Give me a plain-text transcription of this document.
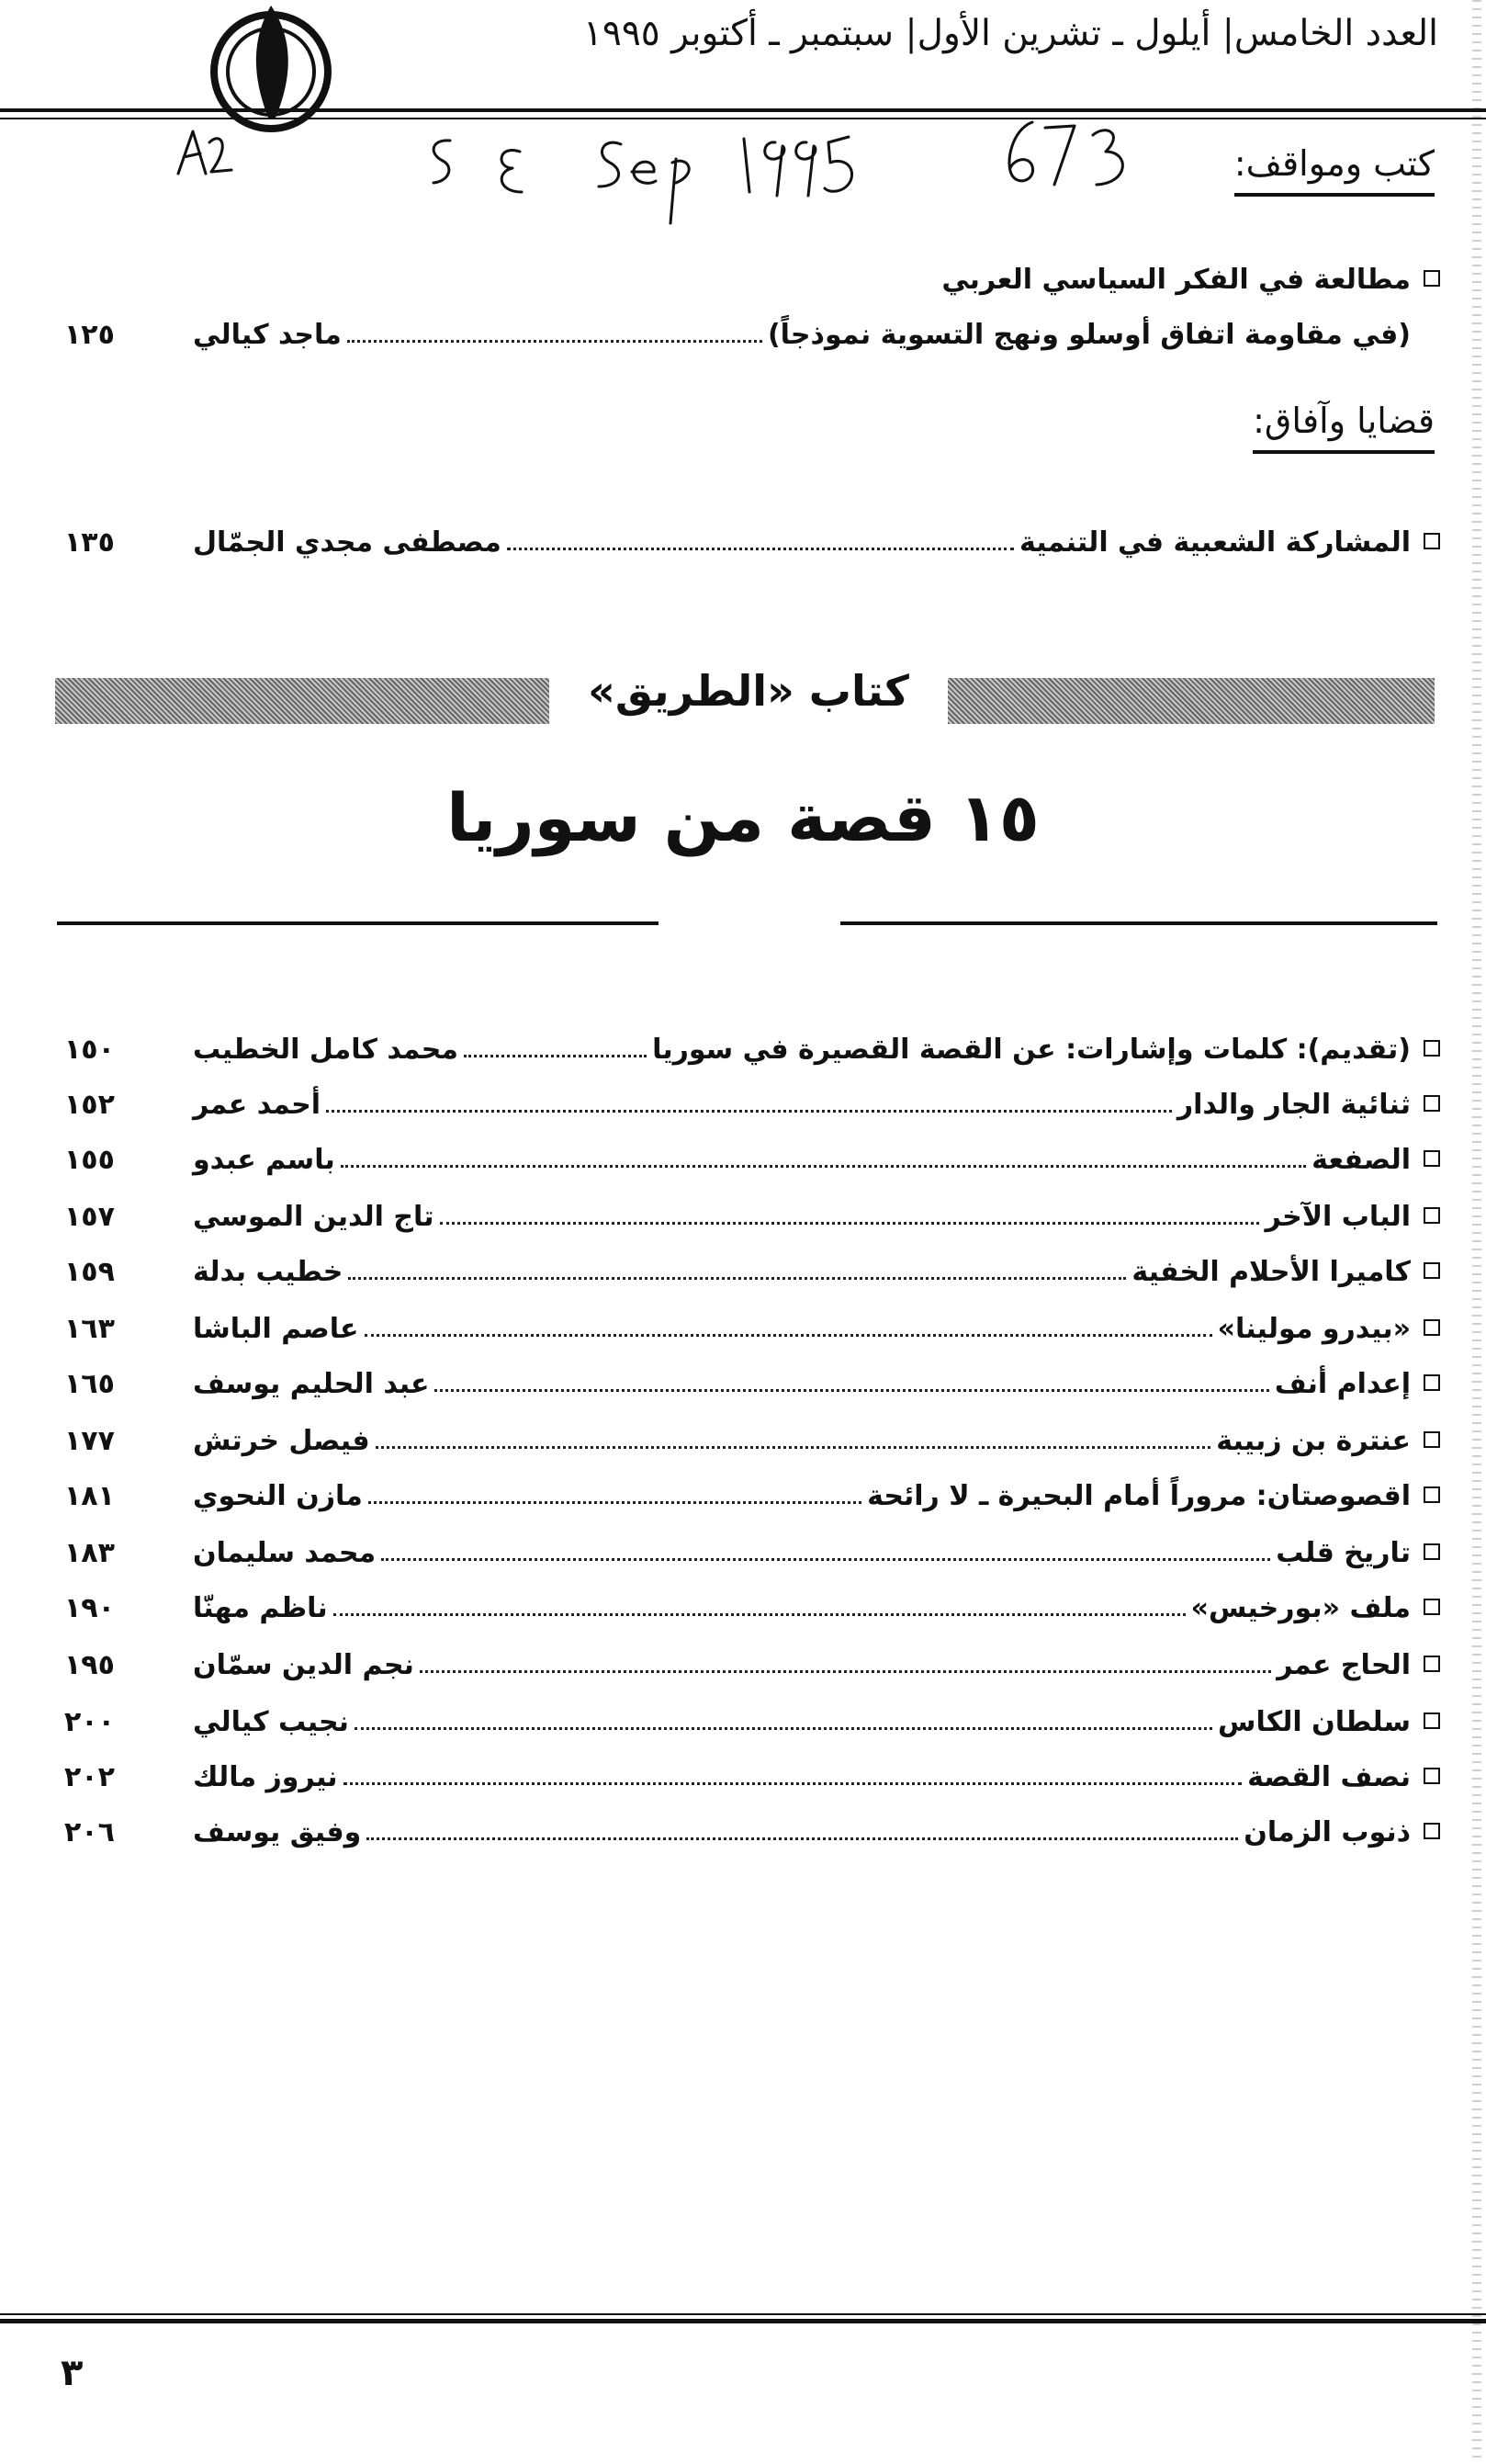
العدد الخامس| أيلول ـ تشرين الأول| سبتمبر ـ أكتوبر ١٩٩٥
كتب ومواقف:
مطالعة في الفكر السياسي العربي
(في مقاومة اتفاق أوسلو ونهج التسوية نموذجاً)
ماجد كيالي
١٢٥
قضايا وآفاق:
المشاركة الشعبية في التنمية
مصطفى مجدي الجمّال
١٣٥
كتاب «الطريق»
١٥ قصة من سوريا
(تقديم): كلمات وإشارات: عن القصة القصيرة في سوريا
محمد كامل الخطيب
١٥٠
ثنائية الجار والدار
أحمد عمر
١٥٢
الصفعة
باسم عبدو
١٥٥
الباب الآخر
تاج الدين الموسي
١٥٧
كاميرا الأحلام الخفية
خطيب بدلة
١٥٩
«بيدرو مولينا»
عاصم الباشا
١٦٣
إعدام أنف
عبد الحليم يوسف
١٦٥
عنترة بن زبيبة
فيصل خرتش
١٧٧
اقصوصتان: مروراً أمام البحيرة ـ لا رائحة
مازن النحوي
١٨١
تاريخ قلب
محمد سليمان
١٨٣
ملف «بورخيس»
ناظم مهنّا
١٩٠
الحاج عمر
نجم الدين سمّان
١٩٥
سلطان الكاس
نجيب كيالي
٢٠٠
نصف القصة
نيروز مالك
٢٠٢
ذنوب الزمان
وفيق يوسف
٢٠٦
٣
